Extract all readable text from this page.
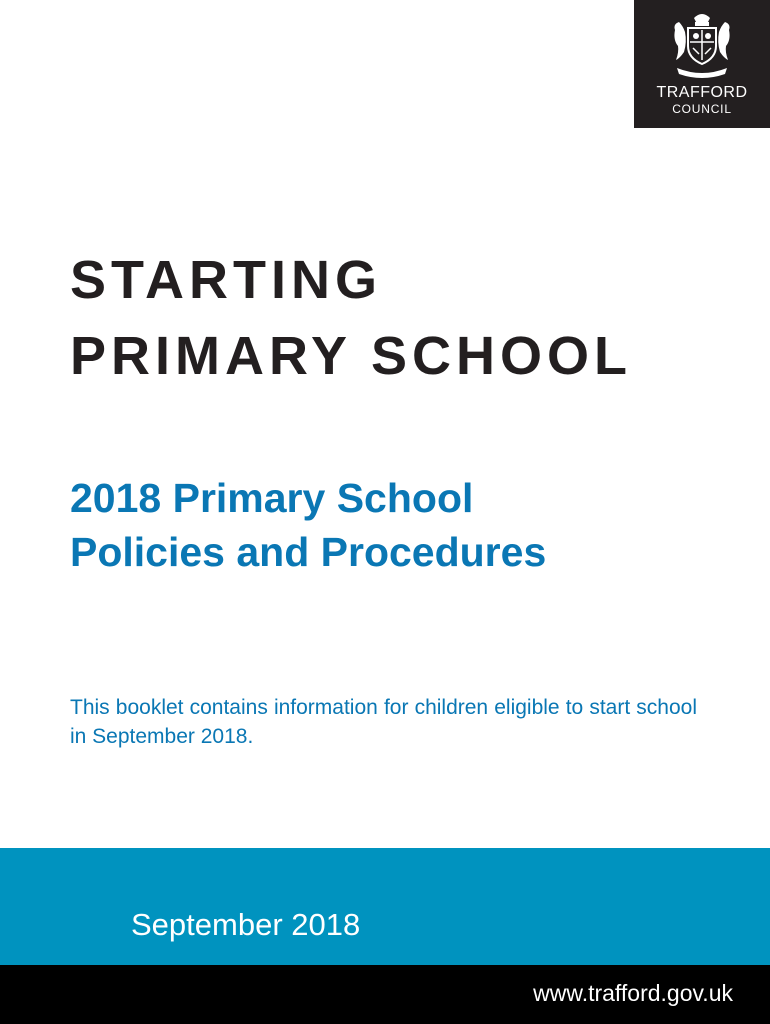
TRAFFORD
COUNCIL
STARTING
PRIMARY SCHOOL
2018 Primary School
Policies and Procedures

This booklet contains information for children eligible to start school in September 2018.

September 2018
www.trafford.gov.uk
